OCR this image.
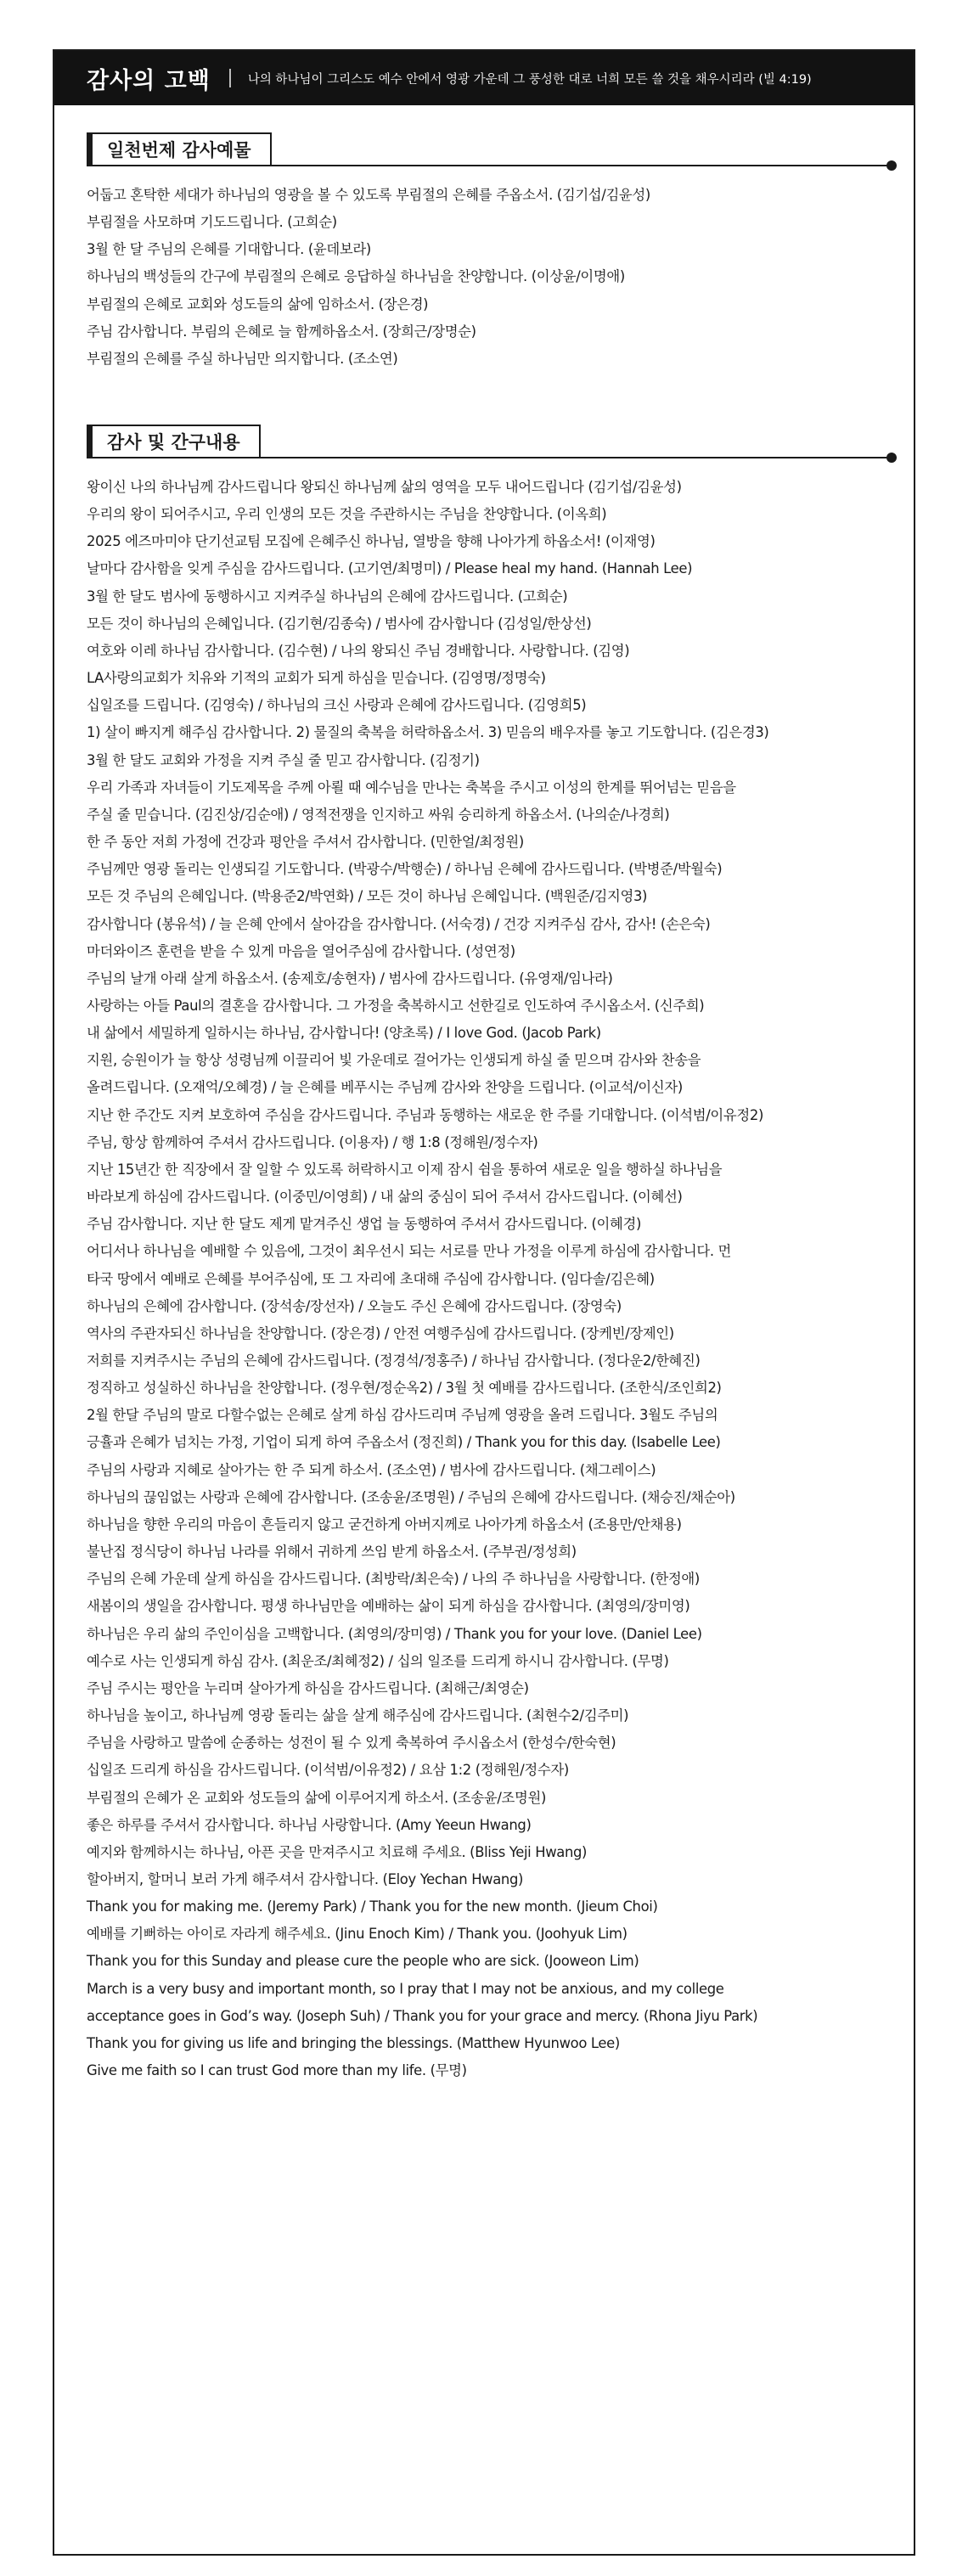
감사의 고백	나의 하나님이 그리스도 예수 안에서 영광 가운데 그 풍성한 대로 너희 모든 쓸 것을 채우시리라 (빌 4:19)
일천번제 감사예물
어둡고 혼탁한 세대가 하나님의 영광을 볼 수 있도록 부림절의 은혜를 주옵소서. (김기섭/김윤성)
부림절을 사모하며 기도드립니다. (고희순)
3월 한 달 주님의 은혜를 기대합니다. (윤데보라)
하나님의 백성들의 간구에 부림절의 은혜로 응답하실 하나님을 찬양합니다. (이상윤/이명애)
부림절의 은혜로 교회와 성도들의 삶에 임하소서. (장은경)
주님 감사합니다. 부림의 은혜로 늘 함께하옵소서. (장희근/장명순)
부림절의 은혜를 주실 하나님만 의지합니다. (조소연)
감사 및 간구내용
왕이신 나의 하나님께 감사드립니다 왕되신 하나님께 삶의 영역을 모두 내어드립니다 (김기섭/김윤성)
우리의 왕이 되어주시고, 우리 인생의 모든 것을 주관하시는 주님을 찬양합니다. (이옥희)
2025 에즈마미야 단기선교팀 모집에 은혜주신 하나님, 열방을 향해 나아가게 하옵소서! (이재영)
날마다 감사함을 잊게 주심을 감사드립니다. (고기연/최명미) / Please heal my hand. (Hannah Lee)
3월 한 달도 범사에 동행하시고 지켜주실 하나님의 은혜에 감사드립니다. (고희순)
모든 것이 하나님의 은혜입니다. (김기현/김종숙) / 범사에 감사합니다 (김성일/한상선)
여호와 이레 하나님 감사합니다. (김수현) / 나의 왕되신 주님 경배합니다. 사랑합니다. (김영)
LA사랑의교회가 치유와 기적의 교회가 되게 하심을 믿습니다. (김영명/정명숙)
십일조를 드립니다. (김영숙) / 하나님의 크신 사랑과 은혜에 감사드립니다. (김영희5)
1) 살이 빠지게 해주심 감사합니다. 2) 물질의 축복을 허락하옵소서. 3) 믿음의 배우자를 놓고 기도합니다. (김은경3)
3월 한 달도 교회와 가정을 지켜 주실 줄 믿고 감사합니다. (김정기)
우리 가족과 자녀들이 기도제목을 주께 아뢸 때 예수님을 만나는 축복을 주시고 이성의 한계를 뛰어넘는 믿음을
주실 줄 믿습니다. (김진상/김순애) / 영적전쟁을 인지하고 싸워 승리하게 하옵소서. (나의순/나경희)
한 주 동안 저희 가정에 건강과 평안을 주셔서 감사합니다. (민한얼/최정원)
주님께만 영광 돌리는 인생되길 기도합니다. (박광수/박행순) / 하나님 은혜에 감사드립니다. (박병준/박월숙)
모든 것 주님의 은혜입니다. (박용준2/박연화) / 모든 것이 하나님 은혜입니다. (백원준/김지영3)
감사합니다 (봉유석) / 늘 은혜 안에서 살아감을 감사합니다. (서숙경) / 건강 지켜주심 감사, 감사! (손은숙)
마더와이즈 훈련을 받을 수 있게 마음을 열어주심에 감사합니다. (성연정)
주님의 날개 아래 살게 하옵소서. (송제호/송현자) / 범사에 감사드립니다. (유영재/임나라)
사랑하는 아들 Paul의 결혼을 감사합니다. 그 가정을 축복하시고 선한길로 인도하여 주시옵소서. (신주희)
내 삶에서 세밀하게 일하시는 하나님, 감사합니다! (양초록) / I love God. (Jacob Park)
지원, 승원이가 늘 항상 성령님께 이끌리어 빛 가운데로 걸어가는 인생되게 하실 줄 믿으며 감사와 찬송을
올려드립니다. (오재억/오혜경) / 늘 은혜를 베푸시는 주님께 감사와 찬양을 드립니다. (이교석/이신자)
지난 한 주간도 지켜 보호하여 주심을 감사드립니다. 주님과 동행하는 새로운 한 주를 기대합니다. (이석범/이유정2)
주님, 항상 함께하여 주셔서 감사드립니다. (이용자) / 행 1:8 (정해원/정수자)
지난 15년간 한 직장에서 잘 일할 수 있도록 허락하시고 이제 잠시 쉼을 통하여 새로운 일을 행하실 하나님을
바라보게 하심에 감사드립니다. (이중민/이영희) / 내 삶의 중심이 되어 주셔서 감사드립니다. (이혜선)
주님 감사합니다. 지난 한 달도 제게 맡겨주신 생업 늘 동행하여 주셔서 감사드립니다. (이혜경)
어디서나 하나님을 예배할 수 있음에, 그것이 최우선시 되는 서로를 만나 가정을 이루게 하심에 감사합니다. 먼
타국 땅에서 예배로 은혜를 부어주심에, 또 그 자리에 초대해 주심에 감사합니다. (임다솔/김은혜)
하나님의 은혜에 감사합니다. (장석송/장선자) / 오늘도 주신 은혜에 감사드립니다. (장영숙)
역사의 주관자되신 하나님을 찬양합니다. (장은경) / 안전 여행주심에 감사드립니다. (장케빈/장제인)
저희를 지켜주시는 주님의 은혜에 감사드립니다. (정경석/정홍주) / 하나님 감사합니다. (정다운2/한혜진)
정직하고 성실하신 하나님을 찬양합니다. (정우현/정순옥2) / 3월 첫 예배를 감사드립니다. (조한식/조인희2)
2월 한달 주님의 말로 다할수없는 은혜로 살게 하심 감사드리며 주님께 영광을 올려 드립니다. 3월도 주님의
긍휼과 은혜가 넘치는 가정, 기업이 되게 하여 주옵소서 (정진희) / Thank you for this day. (Isabelle Lee)
주님의 사랑과 지혜로 살아가는 한 주 되게 하소서. (조소연) / 범사에 감사드립니다. (채그레이스)
하나님의 끊임없는 사랑과 은혜에 감사합니다. (조송윤/조명원) / 주님의 은혜에 감사드립니다. (채승진/채순아)
하나님을 향한 우리의 마음이 흔들리지 않고 굳건하게 아버지께로 나아가게 하옵소서 (조용만/안채용)
불난집 정식당이 하나님 나라를 위해서 귀하게 쓰임 받게 하옵소서. (주부권/정성희)
주님의 은혜 가운데 살게 하심을 감사드립니다. (최방락/최은숙) / 나의 주 하나님을 사랑합니다. (한정애)
새봄이의 생일을 감사합니다. 평생 하나님만을 예배하는 삶이 되게 하심을 감사합니다. (최영의/장미영)
하나님은 우리 삶의 주인이심을 고백합니다. (최영의/장미영) / Thank you for your love. (Daniel Lee)
예수로 사는 인생되게 하심 감사. (최운조/최혜정2) / 십의 일조를 드리게 하시니 감사합니다. (무명)
주님 주시는 평안을 누리며 살아가게 하심을 감사드립니다. (최해근/최영순)
하나님을 높이고, 하나님께 영광 돌리는 삶을 살게 해주심에 감사드립니다. (최현수2/김주미)
주님을 사랑하고 말씀에 순종하는 성전이 될 수 있게 축복하여 주시옵소서 (한성수/한숙현)
십일조 드리게 하심을 감사드립니다. (이석범/이유정2) / 요삼 1:2 (정해원/정수자)
부림절의 은혜가 온 교회와 성도들의 삶에 이루어지게 하소서. (조송윤/조명원)
좋은 하루를 주셔서 감사합니다. 하나님 사랑합니다. (Amy Yeeun Hwang)
예지와 함께하시는 하나님, 아픈 곳을 만져주시고 치료해 주세요. (Bliss Yeji Hwang)
할아버지, 할머니 보러 가게 해주셔서 감사합니다. (Eloy Yechan Hwang)
Thank you for making me. (Jeremy Park) / Thank you for the new month. (Jieum Choi)
예배를 기뻐하는 아이로 자라게 해주세요. (Jinu Enoch Kim) / Thank you. (Joohyuk Lim)
Thank you for this Sunday and please cure the people who are sick. (Jooweon Lim)
March is a very busy and important month, so I pray that I may not be anxious, and my college
acceptance goes in God’s way. (Joseph Suh) / Thank you for your grace and mercy. (Rhona Jiyu Park)
Thank you for giving us life and bringing the blessings. (Matthew Hyunwoo Lee)
Give me faith so I can trust God more than my life. (무명)
